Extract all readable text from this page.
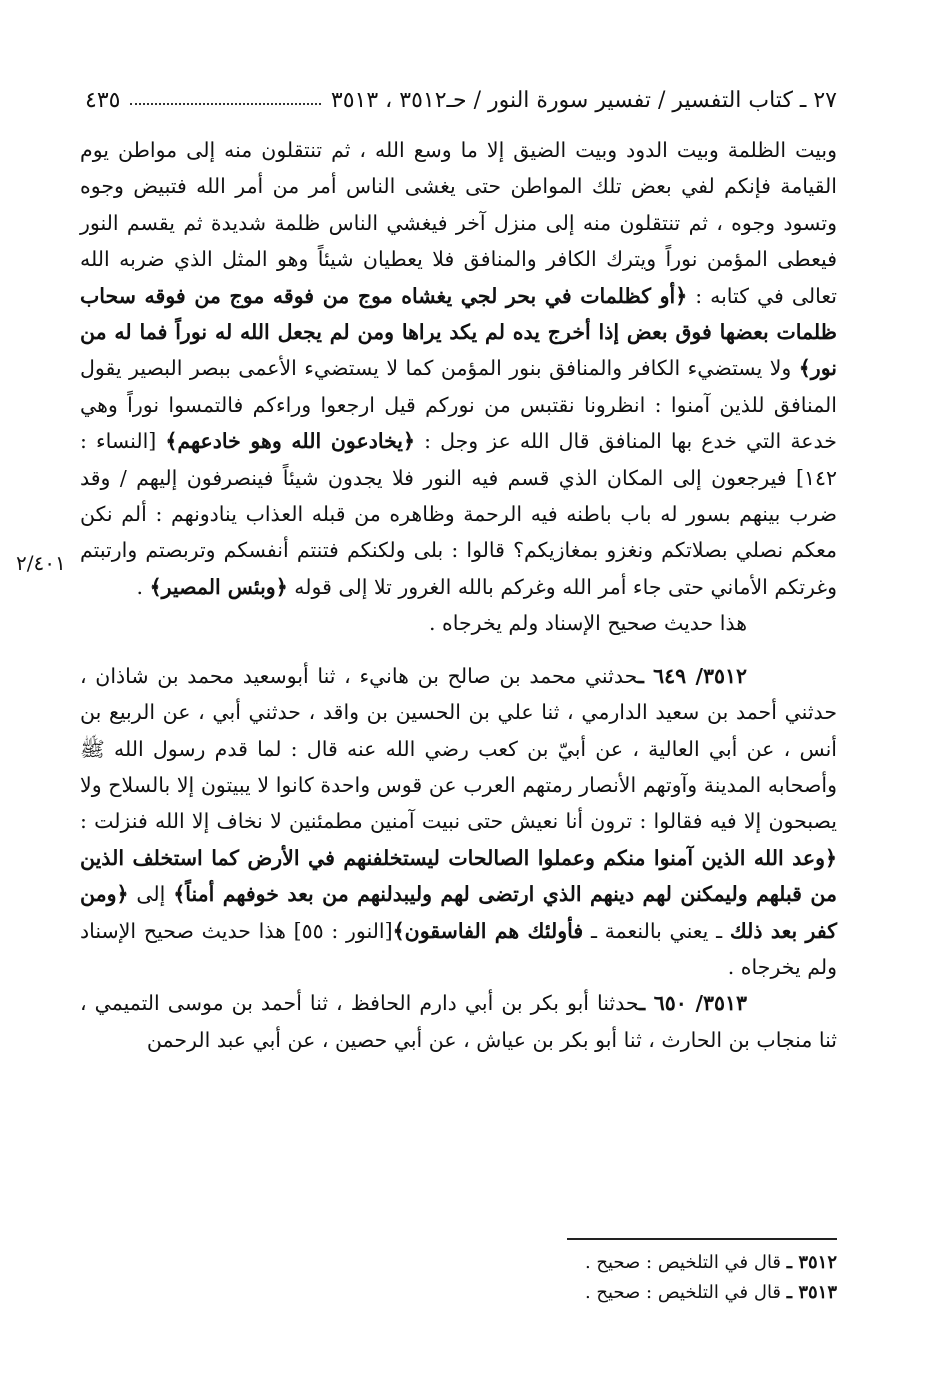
٢٧ ـ كتاب التفسير / تفسير سورة النور / حـ٣٥١٢ ، ٣٥١٣
٤٣٥
٢/٤٠١

وبيت الظلمة وبيت الدود وبيت الضيق إلا ما وسع الله ، ثم تنتقلون منه إلى مواطن يوم القيامة فإنكم لفي بعض تلك المواطن حتى يغشى الناس أمر من أمر الله فتبيض وجوه وتسود وجوه ، ثم تنتقلون منه إلى منزل آخر فيغشي الناس ظلمة شديدة ثم يقسم النور فيعطى المؤمن نوراً ويترك الكافر والمنافق فلا يعطيان شيئاً وهو المثل الذي ضربه الله تعالى في كتابه : ﴿أو كظلمات في بحر لجي يغشاه موج من فوقه موج من فوقه سحاب ظلمات بعضها فوق بعض إذا أخرج يده لم يكد يراها ومن لم يجعل الله له نوراً فما له من نور﴾ ولا يستضيء الكافر والمنافق بنور المؤمن كما لا يستضيء الأعمى ببصر البصير يقول المنافق للذين آمنوا : انظرونا نقتبس من نوركم قيل ارجعوا وراءكم فالتمسوا نوراً وهي خدعة التي خدع بها المنافق قال الله عز وجل : ﴿يخادعون الله وهو خادعهم﴾ [النساء : ١٤٢] فيرجعون إلى المكان الذي قسم فيه النور فلا يجدون شيئاً فينصرفون إليهم / وقد ضرب بينهم بسور له باب باطنه فيه الرحمة وظاهره من قبله العذاب ينادونهم : ألم نكن معكم نصلي بصلاتكم ونغزو بمغازيكم؟ قالوا : بلى ولكنكم فتنتم أنفسكم وتربصتم وارتبتم وغرتكم الأماني حتى جاء أمر الله وغركم بالله الغرور تلا إلى قوله ﴿وبئس المصير﴾ .

هذا حديث صحيح الإسناد ولم يخرجاه .

٣٥١٢/ ٦٤٩ ـحدثني محمد بن صالح بن هانيء ، ثنا أبوسعيد محمد بن شاذان ، حدثني أحمد بن سعيد الدارمي ، ثنا علي بن الحسين بن واقد ، حدثني أبي ، عن الربيع بن أنس ، عن أبي العالية ، عن أبيّ بن كعب رضي الله عنه قال : لما قدم رسول الله ﷺ وأصحابه المدينة وآوتهم الأنصار رمتهم العرب عن قوس واحدة كانوا لا يبيتون إلا بالسلاح ولا يصبحون إلا فيه فقالوا : ترون أنا نعيش حتى نبيت آمنين مطمئنين لا نخاف إلا الله فنزلت : ﴿وعد الله الذين آمنوا منكم وعملوا الصالحات ليستخلفنهم في الأرض كما استخلف الذين من قبلهم وليمكنن لهم دينهم الذي ارتضى لهم وليبدلنهم من بعد خوفهم أمناً﴾ إلى ﴿ومن كفر بعد ذلك ـ يعني بالنعمة ـ فأولئك هم الفاسقون﴾[النور : ٥٥] هذا حديث صحيح الإسناد ولم يخرجاه .

٣٥١٣/ ٦٥٠ ـحدثنا أبو بكر بن أبي دارم الحافظ ، ثنا أحمد بن موسى التميمي ، ثنا منجاب بن الحارث ، ثنا أبو بكر بن عياش ، عن أبي حصين ، عن أبي عبد الرحمن

٣٥١٢ ـ قال في التلخيص : صحيح .

٣٥١٣ ـ قال في التلخيص : صحيح .
